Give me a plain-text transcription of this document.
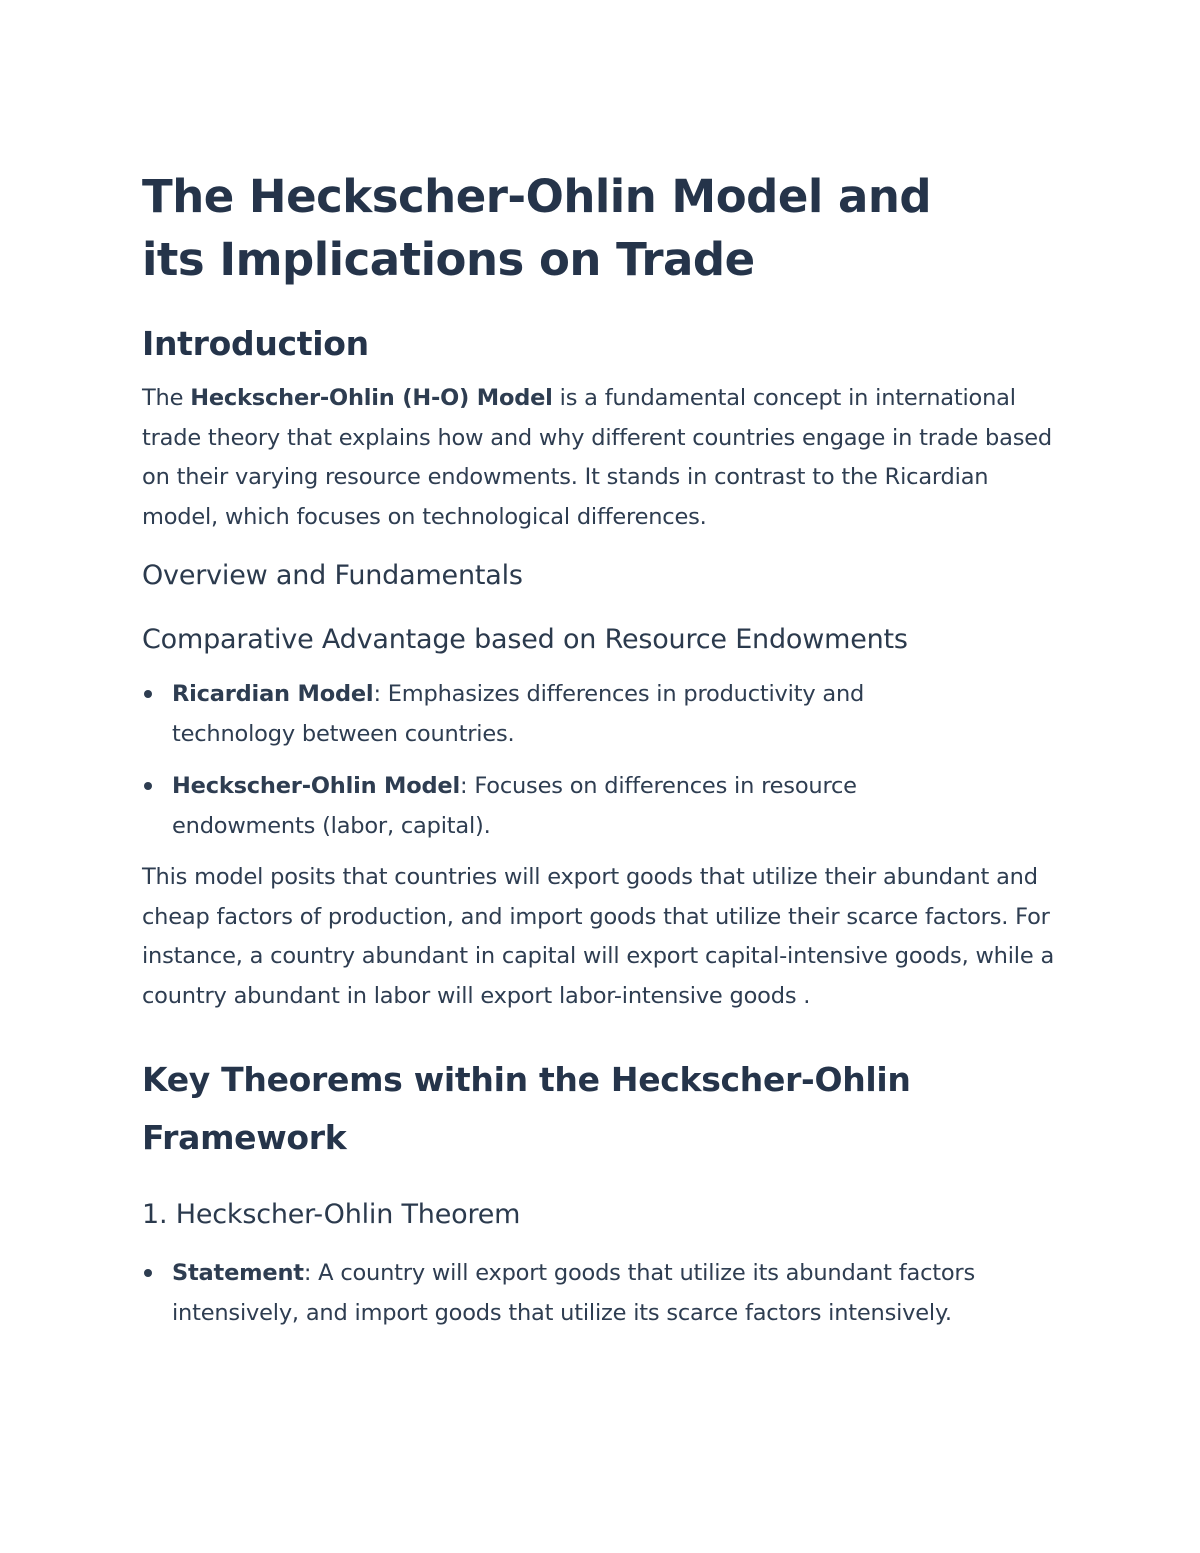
The Heckscher-Ohlin Model and its Implications on Trade
Introduction

The Heckscher-Ohlin (H-O) Model is a fundamental concept in international trade theory that explains how and why different countries engage in trade based on their varying resource endowments. It stands in contrast to the Ricardian model, which focuses on technological differences.

Overview and Fundamentals
Comparative Advantage based on Resource Endowments
Ricardian Model: Emphasizes differences in productivity and technology between countries.
Heckscher-Ohlin Model: Focuses on differences in resource endowments (labor, capital).

This model posits that countries will export goods that utilize their abundant and cheap factors of production, and import goods that utilize their scarce factors. For instance, a country abundant in capital will export capital-intensive goods, while a country abundant in labor will export labor-intensive goods .

Key Theorems within the Heckscher-Ohlin Framework
1. Heckscher-Ohlin Theorem
Statement: A country will export goods that utilize its abundant factors intensively, and import goods that utilize its scarce factors intensively.
